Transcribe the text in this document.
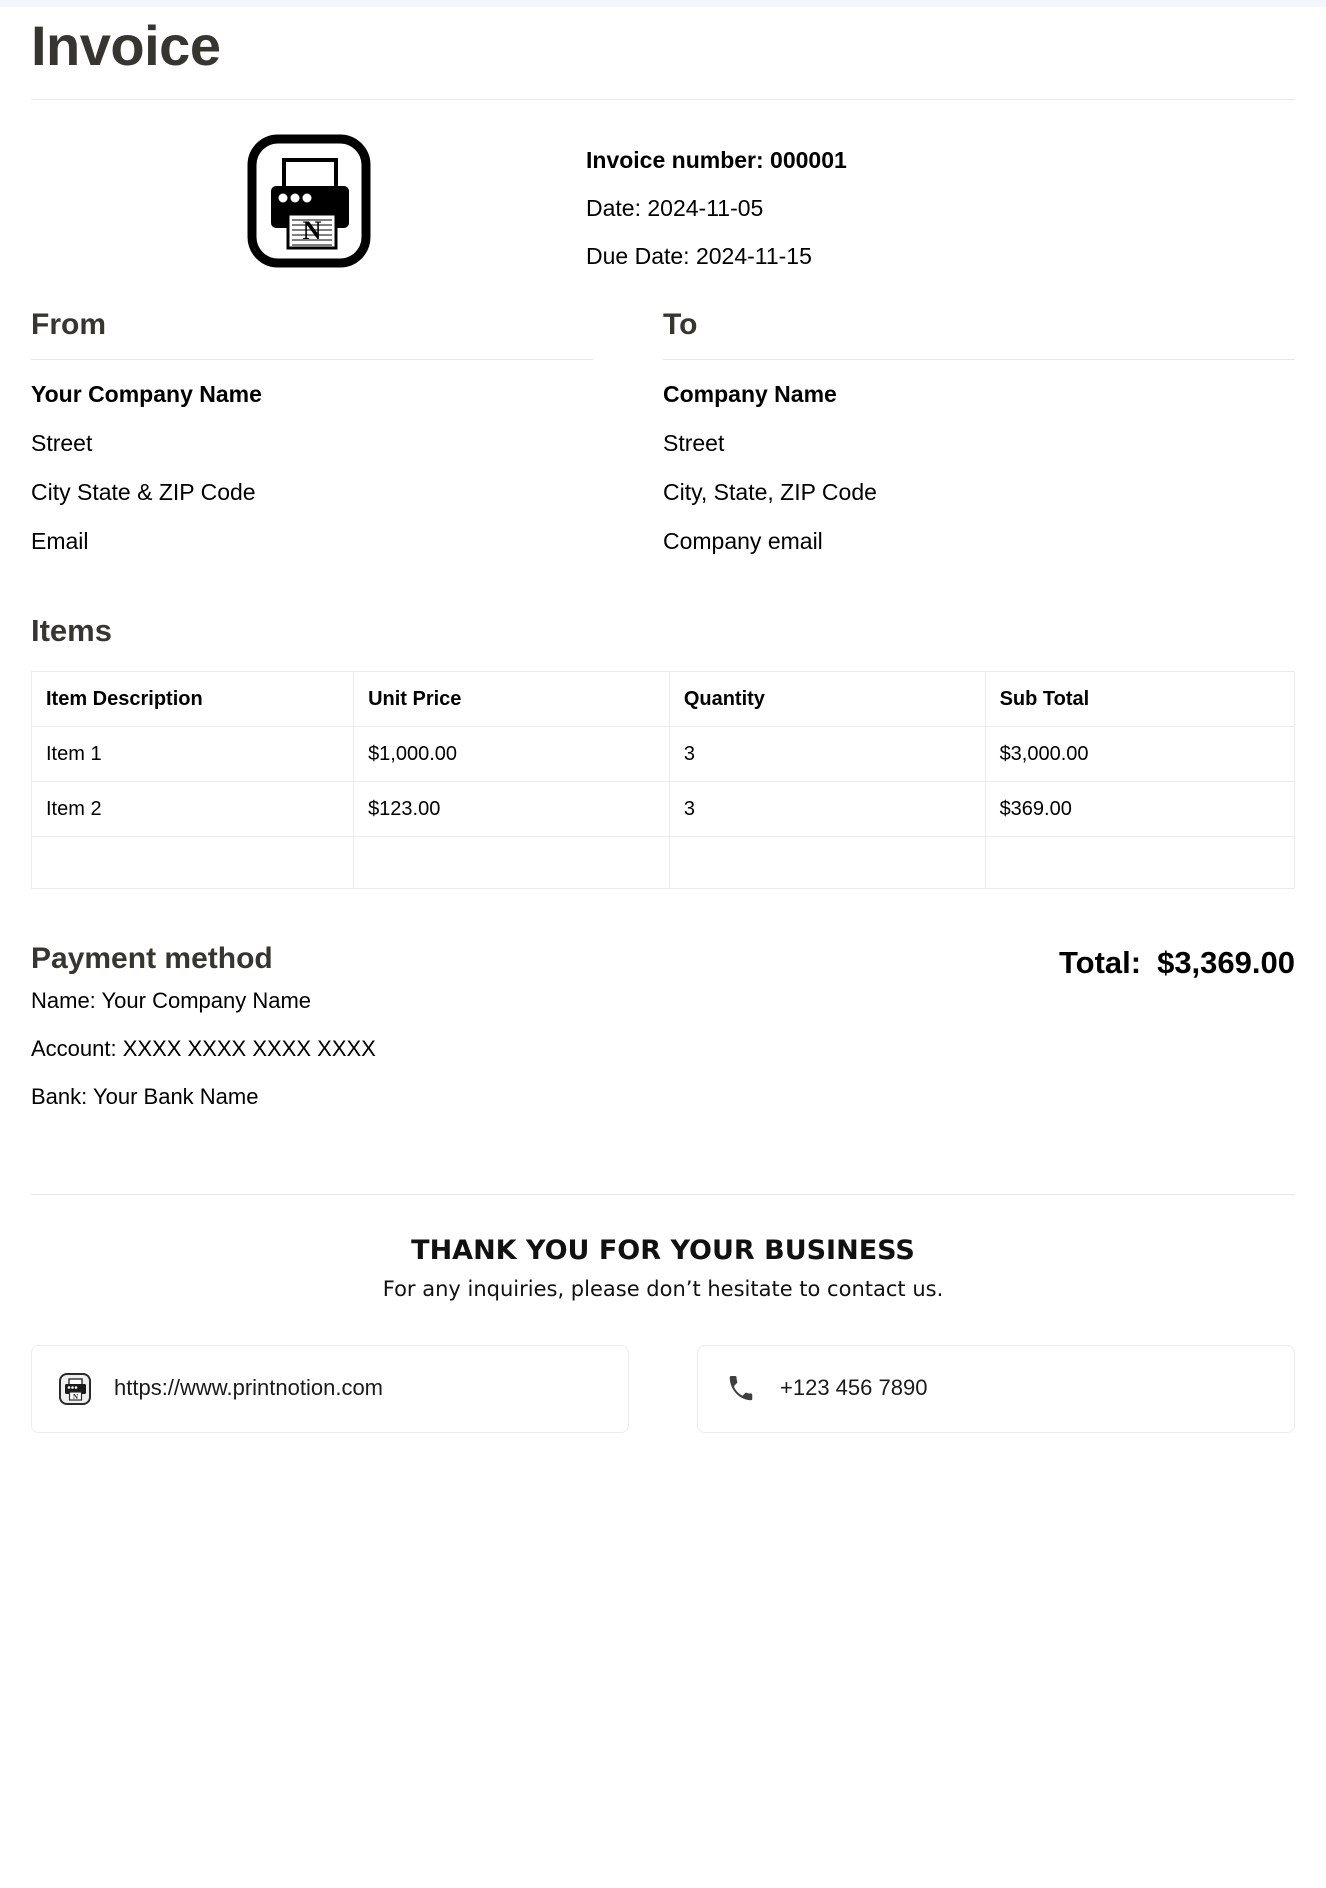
Invoice
N
Invoice number: 000001
Date: 2024-11-05
Due Date: 2024-11-15
From
Your Company Name
Street
City State & ZIP Code
Email
To
Company Name
Street
City, State, ZIP Code
Company email
Items
Item Description	Unit Price	Quantity	Sub Total
Item 1	$1,000.00	3	$3,000.00
Item 2	$123.00	3	$369.00

Payment method
Name: Your Company Name
Account: XXXX XXXX XXXX XXXX
Bank: Your Bank Name
Total: $3,369.00
THANK YOU FOR YOUR BUSINESS
For any inquiries, please don’t hesitate to contact us.
N https://www.printnotion.com	+123 456 7890
